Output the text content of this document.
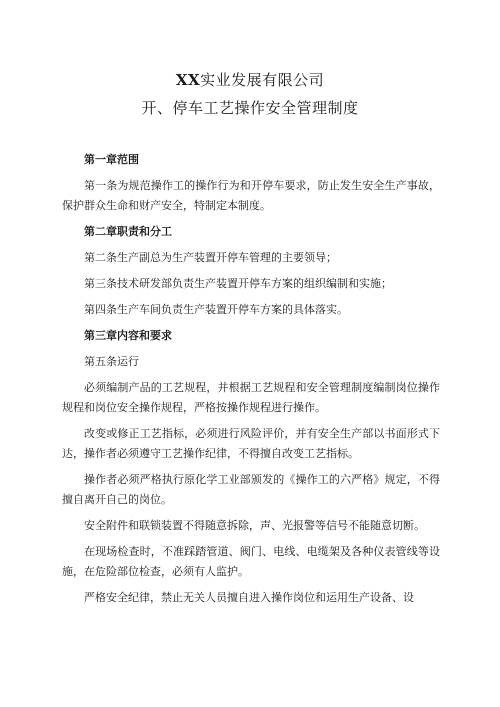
XX实业发展有限公司
开、停车工艺操作安全管理制度
第一章范围
第一条为规范操作工的操作行为和开停车要求，防止发生安全生产事故，保护群众生命和财产安全，特制定本制度。
第二章职责和分工
第二条生产副总为生产装置开停车管理的主要领导；
第三条技术研发部负责生产装置开停车方案的组织编制和实施；
第四条生产车间负责生产装置开停车方案的具体落实。
第三章内容和要求
第五条运行
必须编制产品的工艺规程，并根据工艺规程和安全管理制度编制岗位操作规程和岗位安全操作规程，严格按操作规程进行操作。
改变或修正工艺指标，必须进行风险评价，并有安全生产部以书面形式下达，操作者必须遵守工艺操作纪律，不得擅自改变工艺指标。
操作者必须严格执行原化学工业部颁发的《操作工的六严格》规定，不得擅自离开自己的岗位。
安全附件和联锁装置不得随意拆除，声、光报警等信号不能随意切断。
在现场检查时，不准踩踏管道、阀门、电线、电缆架及各种仪表管线等设施，在危险部位检查，必须有人监护。
严格安全纪律，禁止无关人员擅自进入操作岗位和运用生产设备、设
